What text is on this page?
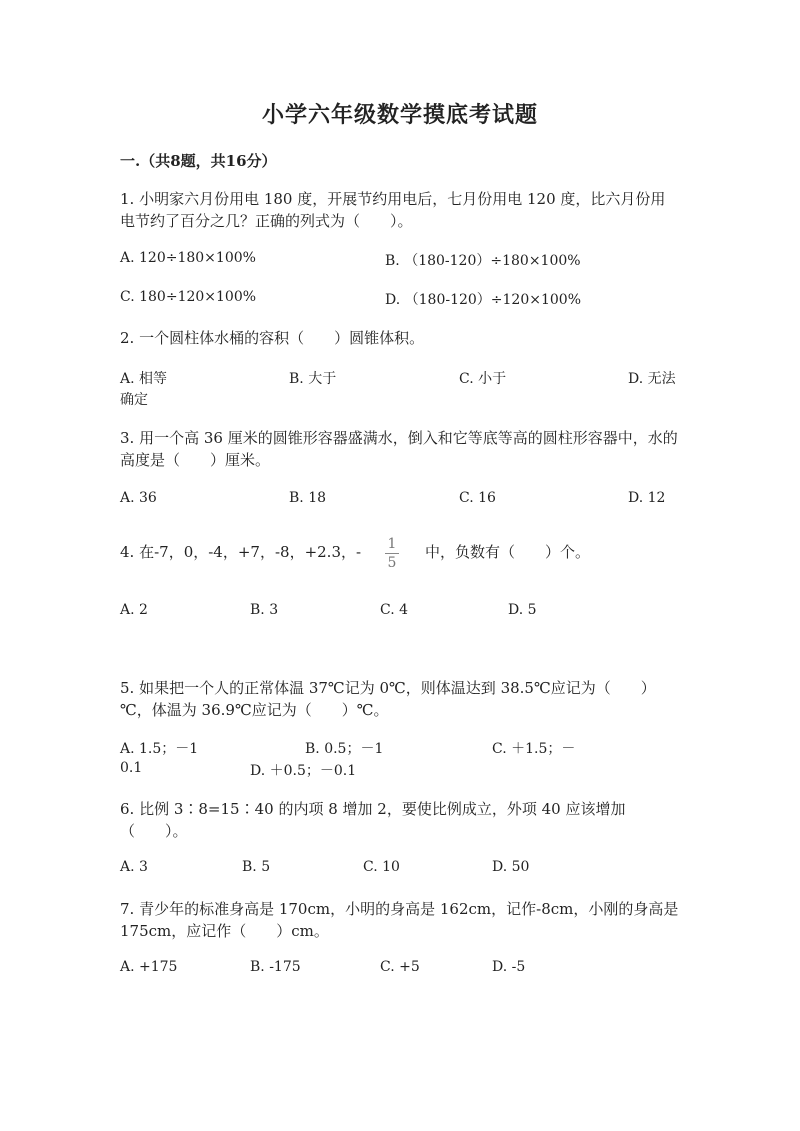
小学六年级数学摸底考试题
一.（共8题，共16分）
1. 小明家六月份用电 180 度，开展节约用电后，七月份用电 120 度，比六月份用电节约了百分之几？正确的列式为（　　）。
A. 120÷180×100%	B. （180-120）÷180×100%
C. 180÷120×100%	D. （180-120）÷120×100%
2. 一个圆柱体水桶的容积（　　）圆锥体积。
A. 相等	B. 大于	C. 小于	D. 无法
确定
3. 用一个高 36 厘米的圆锥形容器盛满水，倒入和它等底等高的圆柱形容器中，水的高度是（　　）厘米。
A. 36	B. 18	C. 16	D. 12
4. 在-7，0，-4，+7，-8，+2.3，- 1
5
中，负数有（　　）个。
A. 2	B. 3	C. 4	D. 5
5. 如果把一个人的正常体温 37℃记为 0℃，则体温达到 38.5℃应记为（　　）
℃，体温为 36.9℃应记为（　　）℃。
A. 1.5；－1	B. 0.5；－1	C. ＋1.5；－
0.1	D. ＋0.5；－0.1
6. 比例 3∶8=15∶40 的内项 8 增加 2，要使比例成立，外项 40 应该增加
（　　）。
A. 3	B. 5	C. 10	D. 50
7. 青少年的标准身高是 170cm，小明的身高是 162cm，记作-8cm，小刚的身高是
175cm，应记作（　　）cm。
A. +175	B. -175	C. +5	D. -5
